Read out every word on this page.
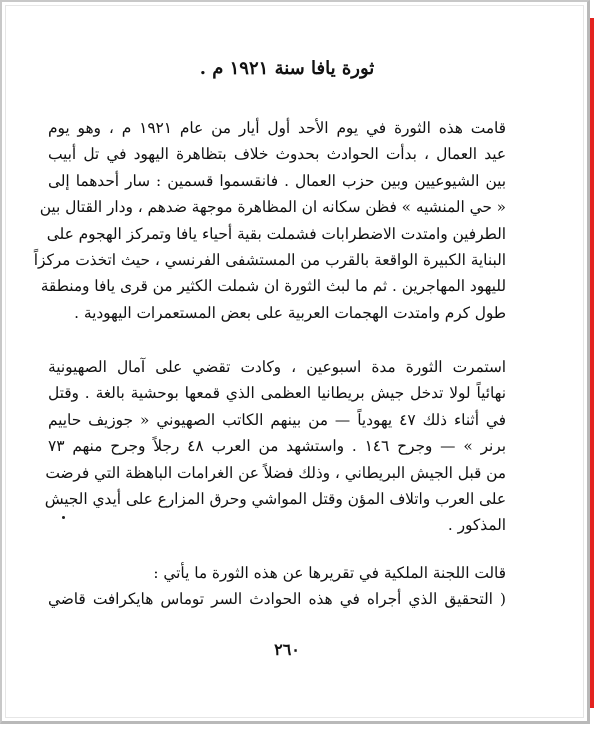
ثورة يافا سنة ١٩٢١ م .
قامت هذه الثورة في يوم الأحد أول أيار من عام ١٩٢١ م ، وهو يوم
عيد العمال ، بدأت الحوادث بحدوث خلاف بتظاهرة اليهود في تل أبيب
بين الشيوعيين وبين حزب العمال . فانقسموا قسمين : سار أحدهما إلى
« حي المنشيه » فظن سكانه ان المظاهرة موجهة ضدهم ، ودار القتال بين
الطرفين وامتدت الاضطرابات فشملت بقية أحياء يافا وتمركز الهجوم على
البناية الكبيرة الواقعة بالقرب من المستشفى الفرنسي ، حيث اتخذت مركزاً
لليهود المهاجرين . ثم ما لبث الثورة ان شملت الكثير من قرى يافا ومنطقة
طول كرم وامتدت الهجمات العربية على بعض المستعمرات اليهودية .
استمرت الثورة مدة اسبوعين ، وكادت تقضي على آمال الصهيونية
نهائياً لولا تدخل جيش بريطانيا العظمى الذي قمعها بوحشية بالغة . وقتل
في أثناء ذلك ٤٧ يهودياً — من بينهم الكاتب الصهيوني « جوزيف حاييم
برنر » — وجرح ١٤٦ . واستشهد من العرب ٤٨ رجلاً وجرح منهم ٧٣
من قبل الجيش البريطاني ، وذلك فضلاً عن الغرامات الباهظة التي فرضت
على العرب واتلاف المؤن وقتل المواشي وحرق المزارع على أيدي الجيش
المذكور .
قالت اللجنة الملكية في تقريرها عن هذه الثورة ما يأتي :
( التحقيق الذي أجراه في هذه الحوادث السر توماس هايكرافت قاضي
٢٦٠
